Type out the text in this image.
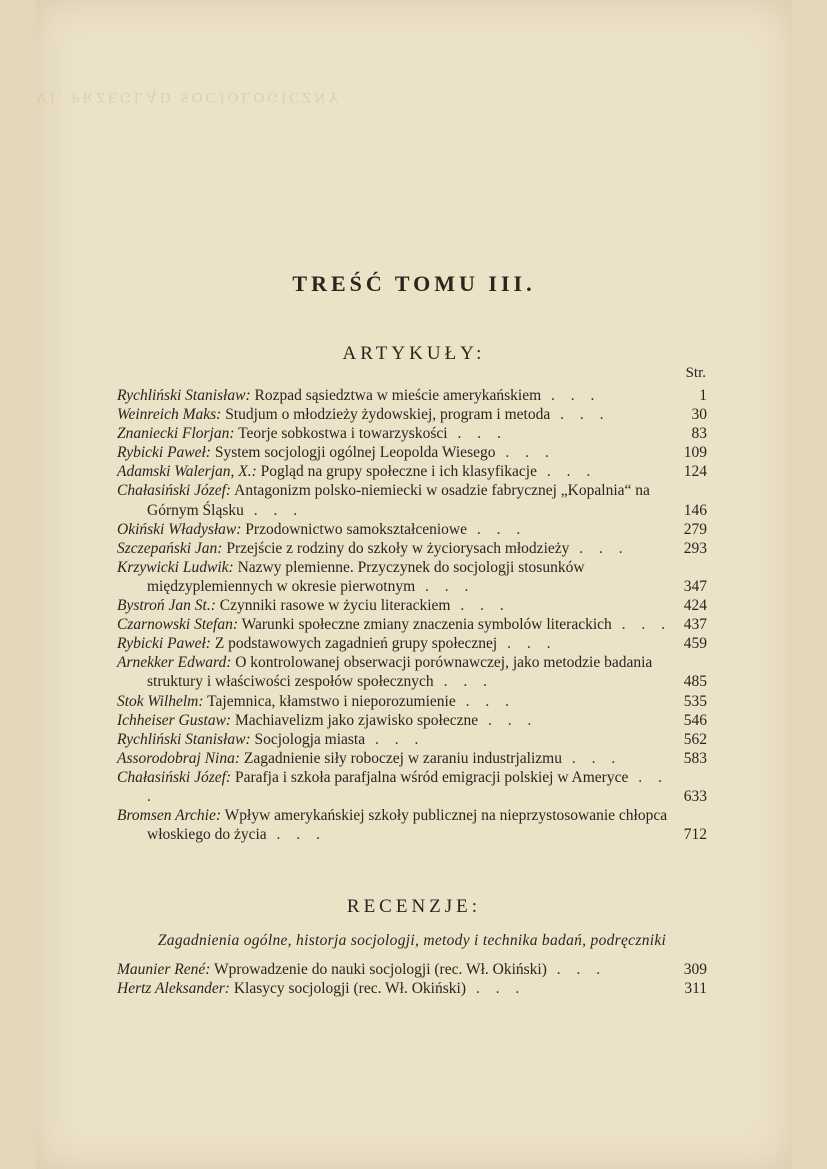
VI. PRZEGLĄD SOCJOLOGICZNY
TREŚĆ TOMU III.
ARTYKUŁY:
Str.
Rychliński Stanisław: Rozpad sąsiedztwa w mieście amerykańskiem . . .	1
Weinreich Maks: Studjum o młodzieży żydowskiej, program i metoda . . .	30
Znaniecki Florjan: Teorje sobkostwa i towarzyskości . . .	83
Rybicki Paweł: System socjologji ogólnej Leopolda Wiesego . . .	109
Adamski Walerjan, X.: Pogląd na grupy społeczne i ich klasyfikacje . . .	124
Chałasiński Józef: Antagonizm polsko-niemiecki w osadzie fabrycznej „Kopalnia“ na Górnym Śląsku . . .	146
Okiński Władysław: Przodownictwo samokształceniowe . . .	279
Szczepański Jan: Przejście z rodziny do szkoły w życiorysach młodzieży . . .	293
Krzywicki Ludwik: Nazwy plemienne. Przyczynek do socjologji stosunków międzyplemiennych w okresie pierwotnym . . .	347
Bystroń Jan St.: Czynniki rasowe w życiu literackiem . . .	424
Czarnowski Stefan: Warunki społeczne zmiany znaczenia symbolów literackich . . . 437
Rybicki Paweł: Z podstawowych zagadnień grupy społecznej . . .	459
Arnekker Edward: O kontrolowanej obserwacji porównawczej, jako metodzie badania struktury i właściwości zespołów społecznych . . .	485
Stok Wilhelm: Tajemnica, kłamstwo i nieporozumienie . . .	535
Ichheiser Gustaw: Machiavelizm jako zjawisko społeczne . . .	546
Rychliński Stanisław: Socjologja miasta . . .	562
Assorodobraj Nina: Zagadnienie siły roboczej w zaraniu industrjalizmu . . .	583
Chałasiński Józef: Parafja i szkoła parafjalna wśród emigracji polskiej w Ameryce . . .	633
Bromsen Archie: Wpływ amerykańskiej szkoły publicznej na nieprzystosowanie chłopca włoskiego do życia . . .	712
RECENZJE:
Zagadnienia ogólne, historja socjologji, metody i technika badań, podręczniki
Maunier René: Wprowadzenie do nauki socjologji (rec. Wł. Okiński) . . .	309
Hertz Aleksander: Klasycy socjologji (rec. Wł. Okiński) . . .	311
